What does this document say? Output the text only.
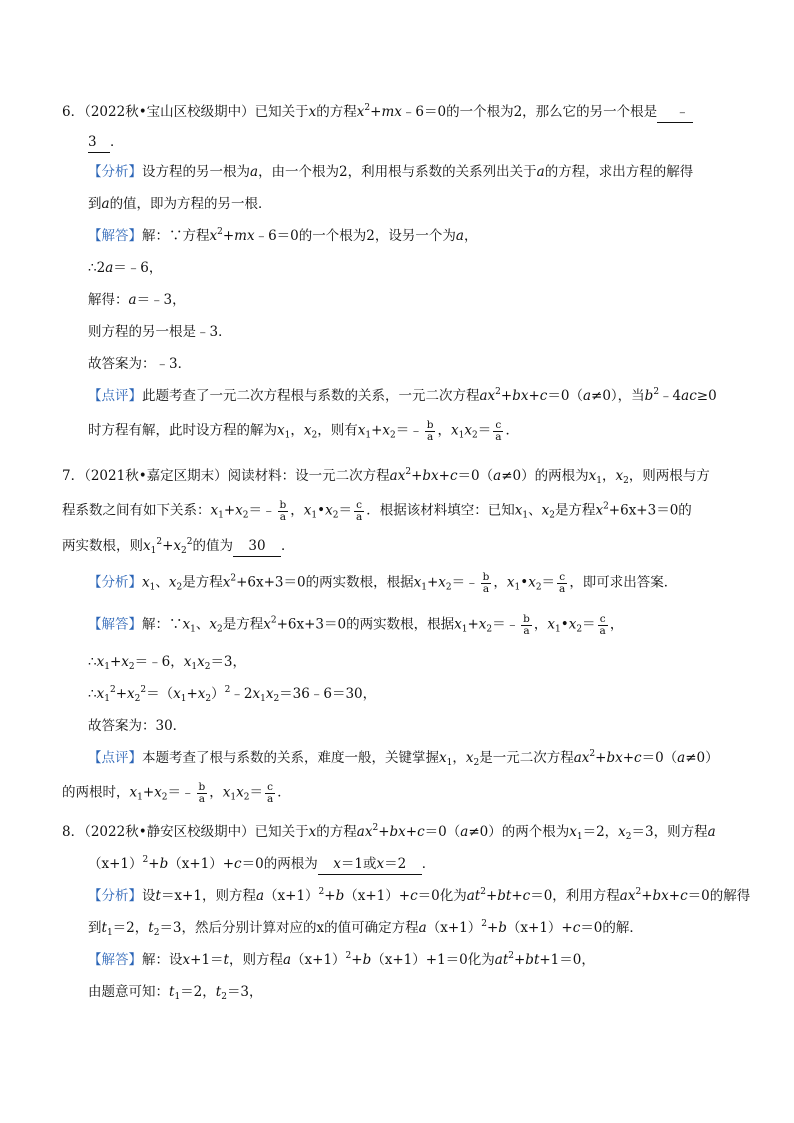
6．（2022秋•宝山区校级期中）已知关于x的方程$x^2+mx﹣6=0$的一个根为2，那么它的另一个根是 ﹣
3 ．
【分析】设方程的另一根为a，由一个根为2，利用根与系数的关系列出关于a的方程，求出方程的解得
到a的值，即为方程的另一根．
【解答】解：∵方程$x^2+mx﹣6=0$的一个根为2，设另一个为a，
∴2a＝﹣6，
解得：a＝﹣3，
则方程的另一根是﹣3．
故答案为：﹣3．
【点评】此题考查了一元二次方程根与系数的关系，一元二次方程$ax^2+bx+c=0(a\ne 0)$，当$b^2﹣4ac\ge 0$
时方程有解，此时设方程的解为$x_1$，$x_2$，则有$x_1+x_2=﹣ \frac{b}{a}$ ，$x_1x_2= \frac{c}{a}$ ．
7．（2021秋•嘉定区期末）阅读材料：设一元二次方程$ax^2+bx+c=0(a\ne 0)$的两根为$x_1$，$x_2$，则两根与方
程系数之间有如下关系：$x_1+x_2=﹣ \frac{b}{a}$ ，$x_1•x_2= \frac{c}{a}$ ．根据该材料填空：已知$x_1$、$x_2$是方程$x^2+6x+3=0$的
两实数根，则$x_1^2+x_2^2$的值为 30 ．
【分析】$x_1$、$x_2$是方程$x^2+6x+3=0$的两实数根，根据$x_1+x_2=﹣ \frac{b}{a}$ ，$x_1•x_2= \frac{c}{a}$ ，即可求出答案．
【解答】解：$\because x_1$、$x_2$是方程$x^2+6x+3=0$的两实数根，根据$x_1+x_2=﹣ \frac{b}{a}$ ，$x_1•x_2= \frac{c}{a}$ ，
$\therefore x_1+x_2=﹣6$，$x_1x_2=3$，
$\therefore x_1^2+x_2^2=(x_1+x_2)^2﹣2x_1x_2=36﹣6=30$，
故答案为：30．
【点评】本题考查了根与系数的关系，难度一般，关键掌握$x_1$，$x_2$是一元二次方程$ax^2+bx+c=0(a\ne 0)$
的两根时，$x_1+x_2=﹣ \frac{b}{a}$ ，$x_1x_2= \frac{c}{a}$ ．
8．（2022秋•静安区校级期中）已知关于x的方程$ax^2+bx+c=0(a\ne 0)$的两个根为$x_1=2$，$x_2=3$，则方程a
$(x+1)^2+b(x+1)+c=0$的两根为 x＝1或x＝2 ．
【分析】设t＝x+1，则方程$a(x+1)^2+b(x+1)+c=0$化为$at^2+bt+c=0$，利用方程$ax^2+bx+c=0$的解得
到$t_1=2$，$t_2=3$，然后分别计算对应的x的值可确定方程$a(x+1)^2+b(x+1)+c=0$的解．
【解答】解：设x+1＝t，则方程$a(x+1)^2+b(x+1)+1=0$化为$at^2+bt+1=0$，
由题意可知：$t_1=2$，$t_2=3$，
